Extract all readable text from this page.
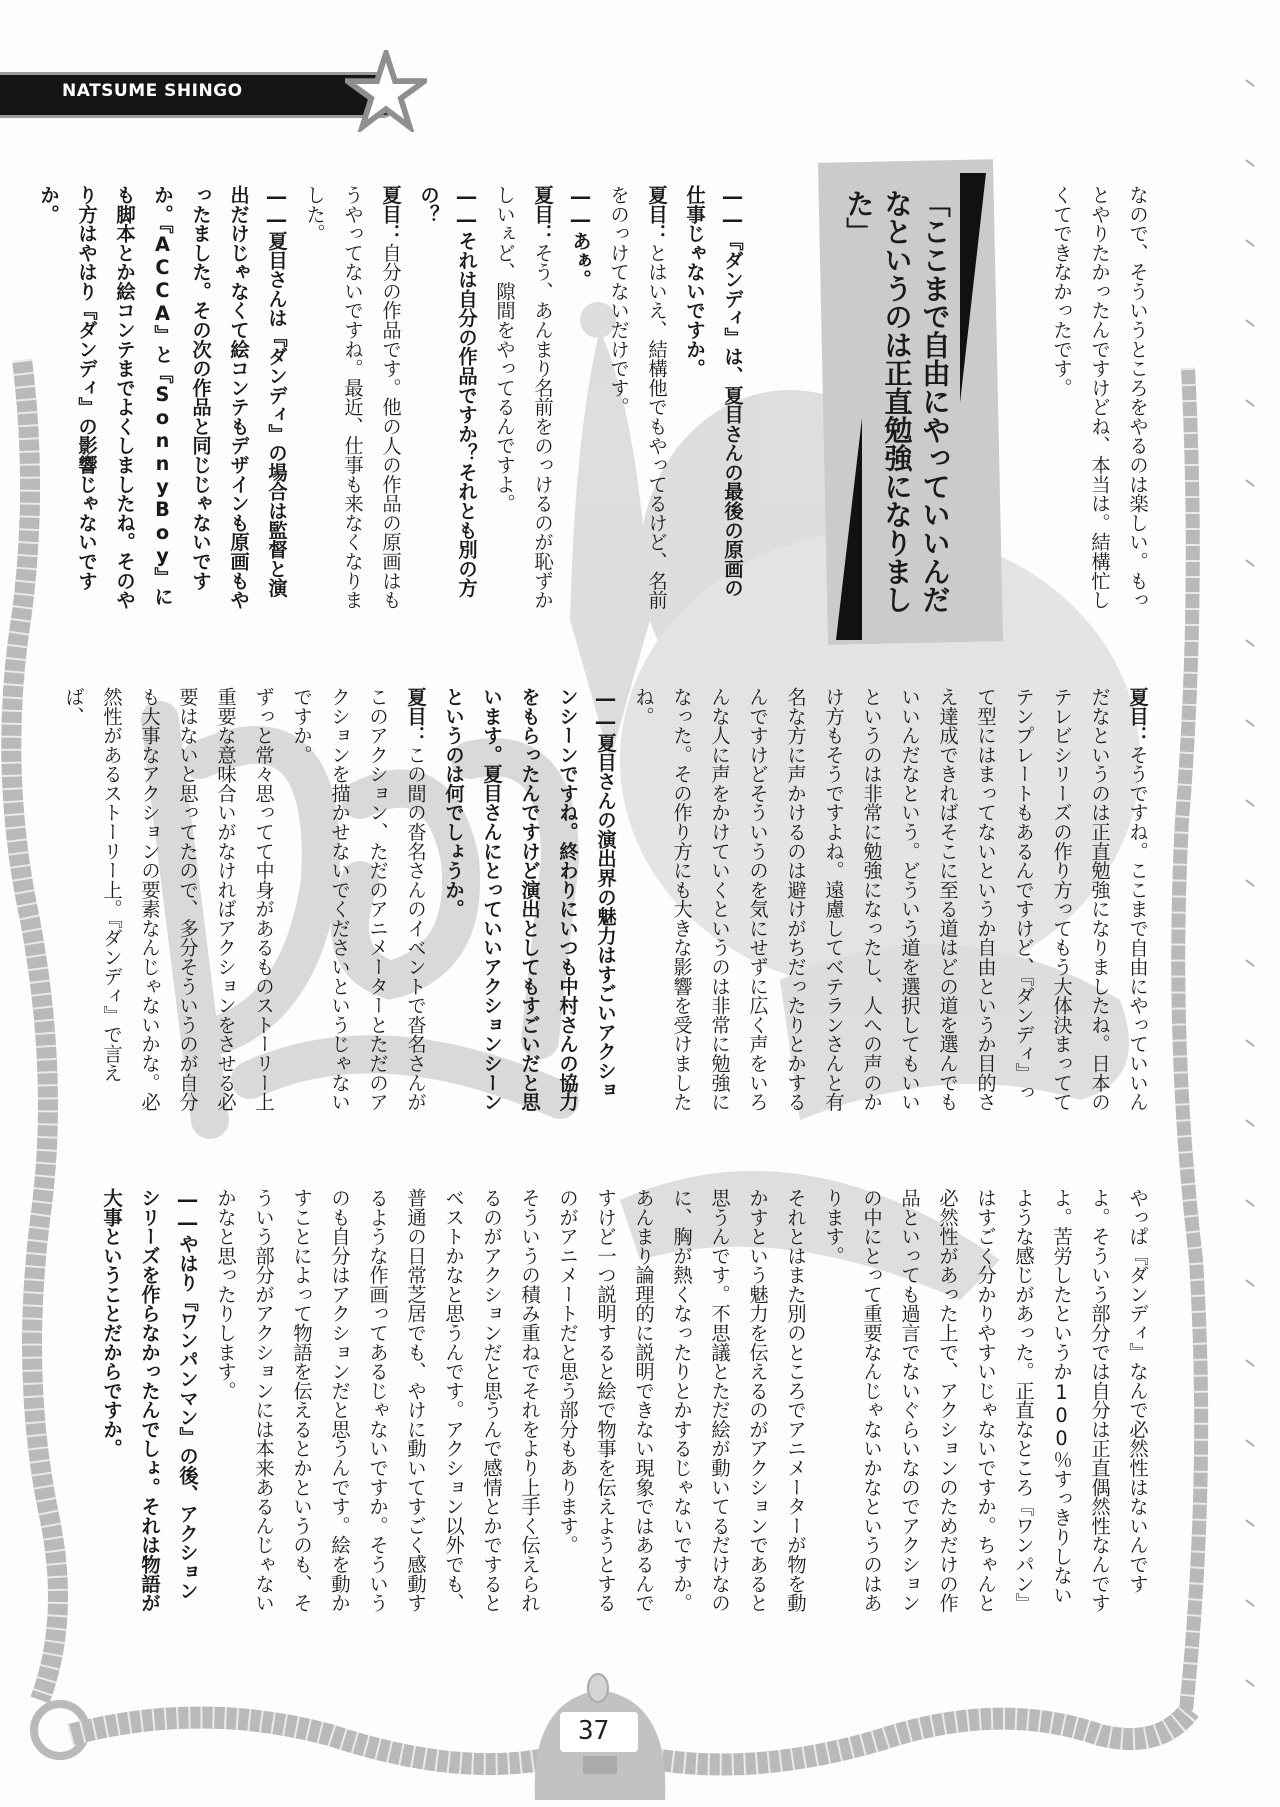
NATSUME SHINGO

なので、そういうところをやるのは楽しい。もっとやりたかったんですけどね、本当は。結構忙しくてできなかったです。

「ここまで自由にやっていいんだなというのは正直勉強になりました」

――『ダンディ』は、夏目さんの最後の原画の仕事じゃないですか。

夏目：とはいえ、結構他でもやってるけど、名前をのっけてないだけです。

――あぁ。

夏目：そう、あんまり名前をのっけるのが恥ずかしいぇど、隙間をやってるんですよ。

――それは自分の作品ですか？それとも別の方の？

夏目：自分の作品です。他の人の作品の原画はもうやってないですね。最近、仕事も来なくなりました。

――夏目さんは『ダンディ』の場合は監督と演出だけじゃなくて絵コンテもデザインも原画もやったました。その次の作品と同じじゃないですか。『ACCA』と『SonnyBoy』にも脚本とか絵コンテまでよくしましたね。そのやり方はやはり『ダンディ』の影響じゃないですか。

夏目：そうですね。ここまで自由にやっていいんだなというのは正直勉強になりましたね。日本のテレビシリーズの作り方ってもう大体決まっててテンプレートもあるんですけど、『ダンディ』って型にはまってないというか自由というか目的さえ達成できればそこに至る道はどの道を選んでもいいんだなという。どういう道を選択してもいいというのは非常に勉強になったし、人への声のかけ方もそうですよね。遠慮してベテランさんと有名な方に声かけるのは避けがちだったりとかするんですけどそういうのを気にせずに広く声をいろんな人に声をかけていくというのは非常に勉強になった。その作り方にも大きな影響を受けましたね。

――夏目さんの演出界の魅力はすごいアクションシーンですね。終わりにいつも中村さんの協力をもらったんですけど演出としてもすごいだと思います。夏目さんにとっていいアクションシーンというのは何でしょうか。

夏目：この間の沓名さんのイベントで沓名さんがこのアクション、ただのアニメーターとただのアクションを描かせないでくださいというじゃないですか。

ずっと常々思ってて中身があるものストーリー上重要な意味合いがなければアクションをさせる必要はないと思ってたので、多分そういうのが自分も大事なアクションの要素なんじゃないかな。必然性があるストーリー上。『ダンディ』で言えば、

やっぱ『ダンディ』なんで必然性はないんですよ。そういう部分では自分は正直偶然性なんですよ。苦労したというか100％すっきりしないような感じがあった。正直なところ『ワンパン』はすごく分かりやすいじゃないですか。ちゃんと必然性があった上で、アクションのためだけの作品といっても過言でないぐらいなのでアクションの中にとって重要なんじゃないかなというのはあります。

それとはまた別のところでアニメーターが物を動かすという魅力を伝えるのがアクションであると思うんです。不思議とただ絵が動いてるだけなのに、胸が熱くなったりとかするじゃないですか。あんまり論理的に説明できない現象ではあるんですけど一つ説明すると絵で物事を伝えようとするのがアニメートだと思う部分もあります。

そういうの積み重ねでそれをより上手く伝えられるのがアクションだと思うんで感情とかですると ベストかなと思うんです。アクション以外でも、普通の日常芝居でも、やけに動いてすごく感動するような作画ってあるじゃないですか。そういうのも自分はアクションだと思うんです。絵を動かすことによって物語を伝えるとかというのも、そういう部分がアクションには本来あるんじゃないかなと思ったりします。

――やはり『ワンパンマン』の後、アクションシリーズを作らなかったんでしょ。それは物語が大事ということだからですか。

37
